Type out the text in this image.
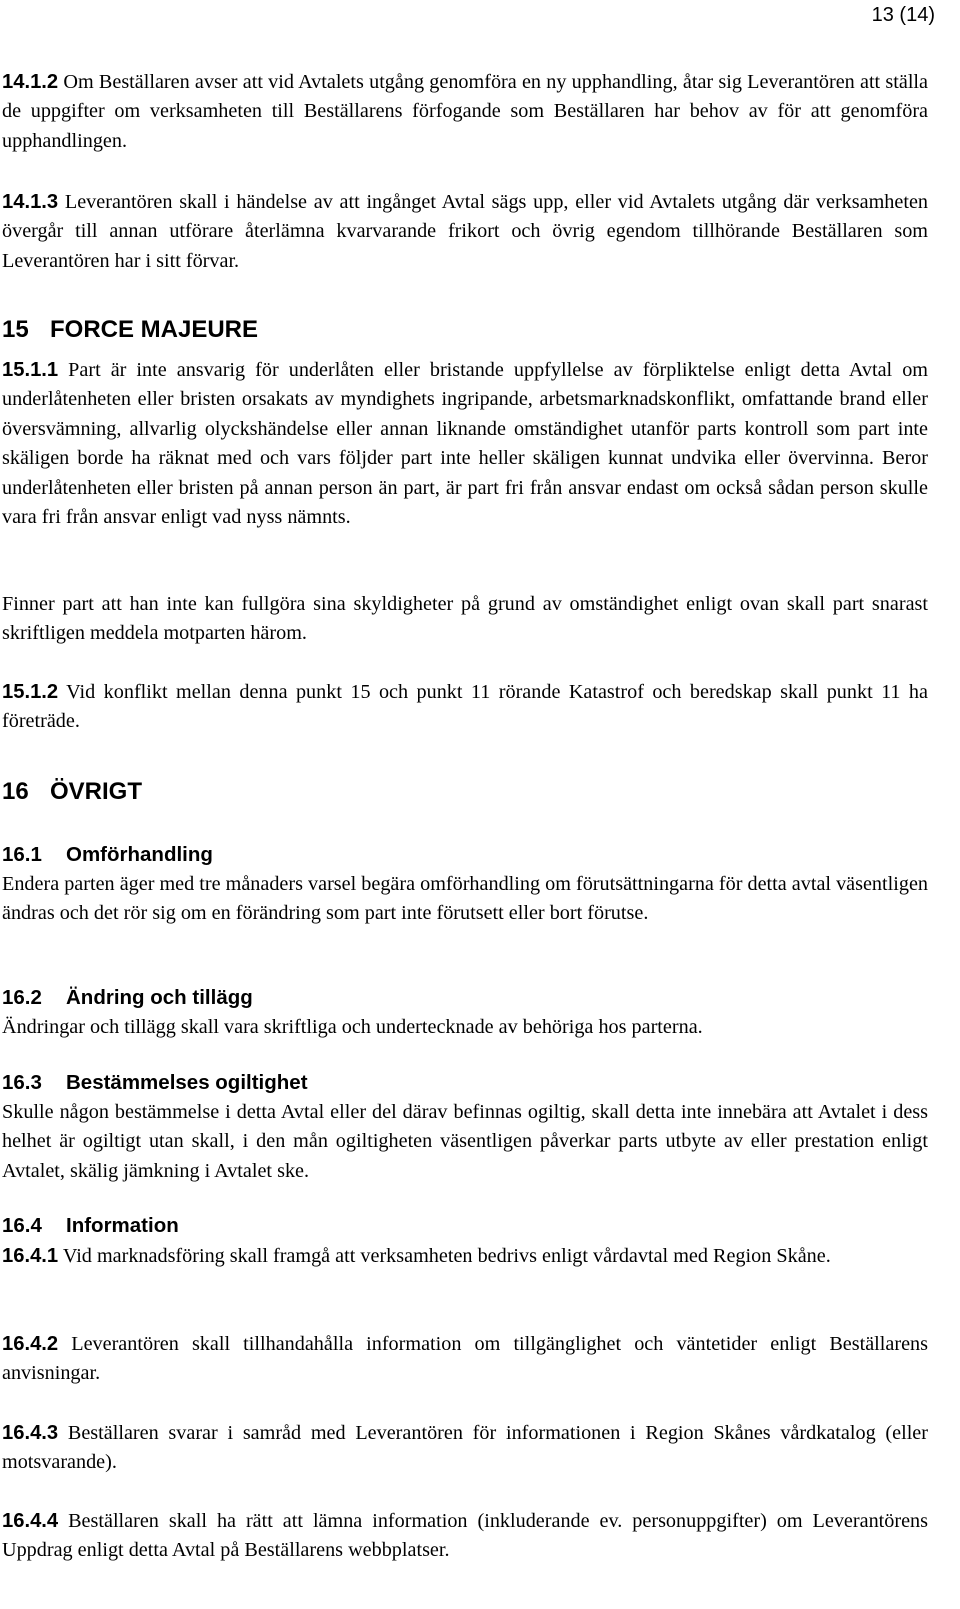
13 (14)

14.1.2 Om Beställaren avser att vid Avtalets utgång genomföra en ny upphandling, åtar sig Leverantören att ställa de uppgifter om verksamheten till Beställarens förfogande som Beställaren har behov av för att genomföra upphandlingen.

14.1.3 Leverantören skall i händelse av att ingånget Avtal sägs upp, eller vid Avtalets utgång där verksamheten övergår till annan utförare återlämna kvarvarande frikort och övrig egendom tillhörande Beställaren som Leverantören har i sitt förvar.

15 FORCE MAJEURE

15.1.1 Part är inte ansvarig för underlåten eller bristande uppfyllelse av förpliktelse enligt detta Avtal om underlåtenheten eller bristen orsakats av myndighets ingripande, arbetsmarknadskonflikt, omfattande brand eller översvämning, allvarlig olyckshändelse eller annan liknande omständighet utanför parts kontroll som part inte skäligen borde ha räknat med och vars följder part inte heller skäligen kunnat undvika eller övervinna. Beror underlåtenheten eller bristen på annan person än part, är part fri från ansvar endast om också sådan person skulle vara fri från ansvar enligt vad nyss nämnts.

Finner part att han inte kan fullgöra sina skyldigheter på grund av omständighet enligt ovan skall part snarast skriftligen meddela motparten härom.

15.1.2 Vid konflikt mellan denna punkt 15 och punkt 11 rörande Katastrof och beredskap skall punkt 11 ha företräde.

16 ÖVRIGT
16.1 Omförhandling

Endera parten äger med tre månaders varsel begära omförhandling om förutsättningarna för detta avtal väsentligen ändras och det rör sig om en förändring som part inte förutsett eller bort förutse.

16.2 Ändring och tillägg

Ändringar och tillägg skall vara skriftliga och undertecknade av behöriga hos parterna.

16.3 Bestämmelses ogiltighet

Skulle någon bestämmelse i detta Avtal eller del därav befinnas ogiltig, skall detta inte innebära att Avtalet i dess helhet är ogiltigt utan skall, i den mån ogiltigheten väsentligen påverkar parts utbyte av eller prestation enligt Avtalet, skälig jämkning i Avtalet ske.

16.4 Information

16.4.1 Vid marknadsföring skall framgå att verksamheten bedrivs enligt vårdavtal med Region Skåne.

16.4.2 Leverantören skall tillhandahålla information om tillgänglighet och väntetider enligt Beställarens anvisningar.

16.4.3 Beställaren svarar i samråd med Leverantören för informationen i Region Skånes vårdkatalog (eller motsvarande).

16.4.4 Beställaren skall ha rätt att lämna information (inkluderande ev. personuppgifter) om Leverantörens Uppdrag enligt detta Avtal på Beställarens webbplatser.
